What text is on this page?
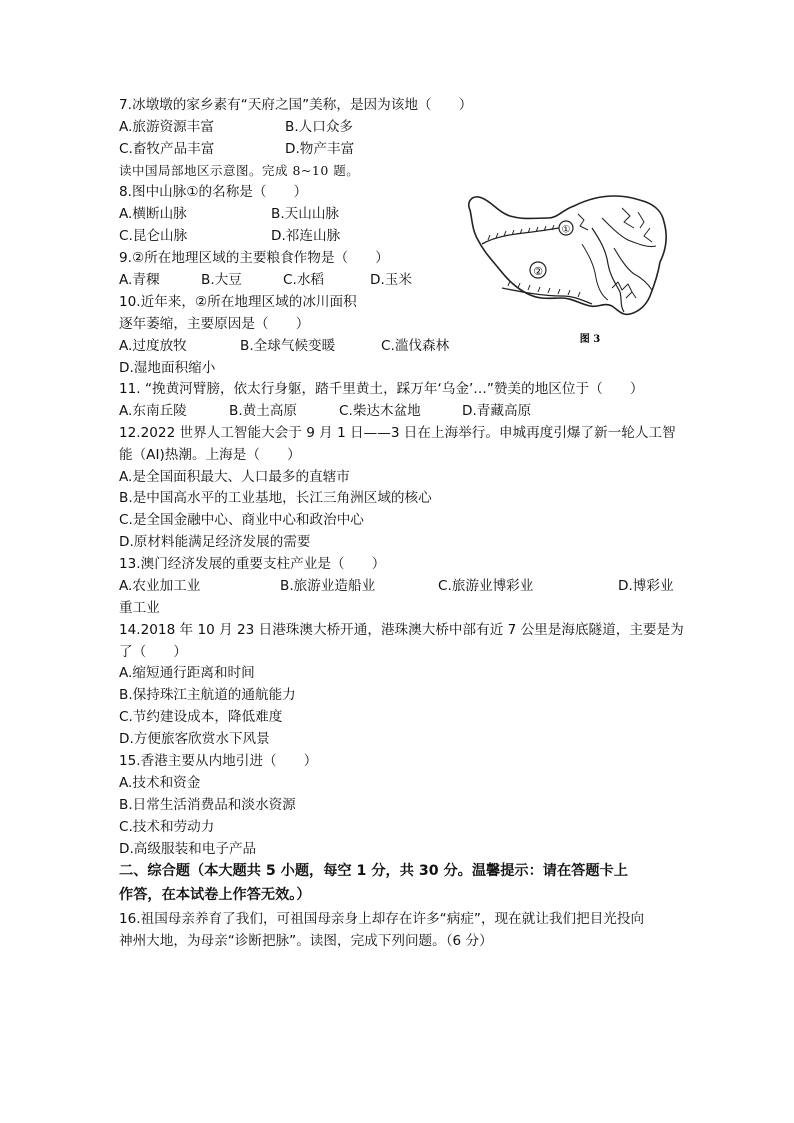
7.冰墩墩的家乡素有“天府之国”美称，是因为该地（　　）
A.旅游资源丰富	B.人口众多
C.畜牧产品丰富	D.物产丰富
读中国局部地区示意图。完成 8~10 题。
8.图中山脉①的名称是（　　）
A.横断山脉	B.天山山脉
C.昆仑山脉	D.祁连山脉
9.②所在地理区域的主要粮食作物是（　　）
A.青稞	B.大豆	C.水稻	D.玉米
10.近年来，②所在地理区域的冰川面积
逐年萎缩，主要原因是（　　）
A.过度放牧	B.全球气候变暖	C.滥伐森林
D.湿地面积缩小
①
②
图 3
11. “挽黄河臂膀，依太行身躯，踏千里黄土，踩万年‘乌金’…”赞美的地区位于（　　）
A.东南丘陵	B.黄土高原	C.柴达木盆地	D.青藏高原
12.2022 世界人工智能大会于 9 月 1 日——3 日在上海举行。申城再度引爆了新一轮人工智
能（AI)热潮。上海是（　　）
A.是全国面积最大、人口最多的直辖市
B.是中国高水平的工业基地，长江三角洲区域的核心
C.是全国金融中心、商业中心和政治中心
D.原材料能满足经济发展的需要
13.澳门经济发展的重要支柱产业是（　　）
A.农业加工业	B.旅游业造船业	C.旅游业博彩业	D.博彩业
重工业
14.2018 年 10 月 23 日港珠澳大桥开通，港珠澳大桥中部有近 7 公里是海底隧道，主要是为
了（　　）
A.缩短通行距离和时间
B.保持珠江主航道的通航能力
C.节约建设成本，降低难度
D.方便旅客欣赏水下风景
15.香港主要从内地引进（　　）
A.技术和资金
B.日常生活消费品和淡水资源
C.技术和劳动力
D.高级服装和电子产品
二、综合题（本大题共 5 小题，每空 1 分，共 30 分。温馨提示：请在答题卡上
作答，在本试卷上作答无效。）
16.祖国母亲养育了我们，可祖国母亲身上却存在许多“病症”，现在就让我们把目光投向
神州大地，为母亲“诊断把脉”。读图，完成下列问题。（6 分）
